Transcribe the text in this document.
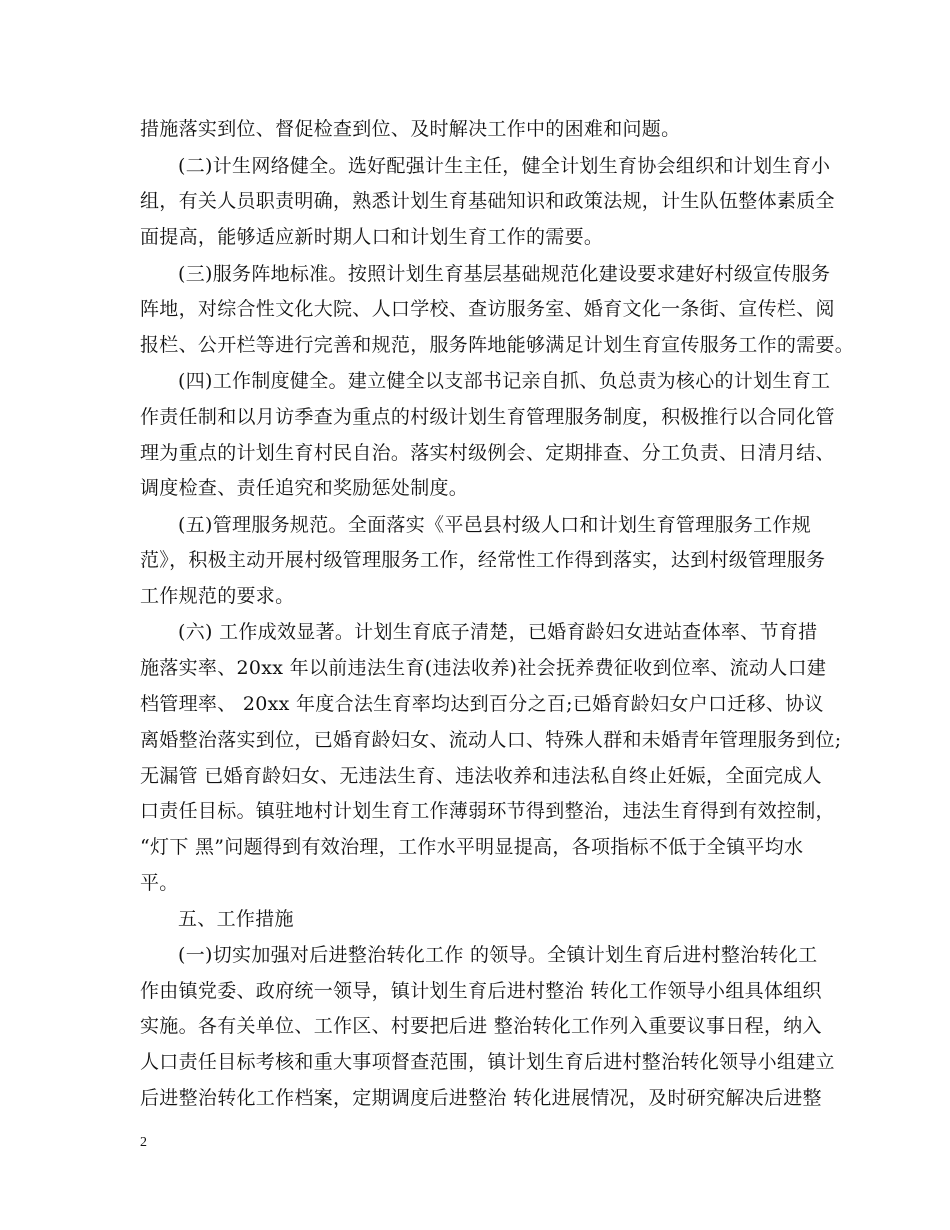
措施落实到位、督促检查到位、及时解决工作中的困难和问题。
(二)计生网络健全。选好配强计生主任，健全计划生育协会组织和计划生育小
组，有关人员职责明确，熟悉计划生育基础知识和政策法规，计生队伍整体素质全
面提高，能够适应新时期人口和计划生育工作的需要。
(三)服务阵地标准。按照计划生育基层基础规范化建设要求建好村级宣传服务
阵地，对综合性文化大院、人口学校、查访服务室、婚育文化一条街、宣传栏、阅
报栏、公开栏等进行完善和规范，服务阵地能够满足计划生育宣传服务工作的需要。
(四)工作制度健全。建立健全以支部书记亲自抓、负总责为核心的计划生育工
作责任制和以月访季查为重点的村级计划生育管理服务制度，积极推行以合同化管
理为重点的计划生育村民自治。落实村级例会、定期排查、分工负责、日清月结、
调度检查、责任追究和奖励惩处制度。
(五)管理服务规范。全面落实《平邑县村级人口和计划生育管理服务工作规
范》，积极主动开展村级管理服务工作，经常性工作得到落实，达到村级管理服务
工作规范的要求。
(六) 工作成效显著。计划生育底子清楚，已婚育龄妇女进站查体率、节育措
施落实率、20xx 年以前违法生育(违法收养)社会抚养费征收到位率、流动人口建
档管理率、 20xx 年度合法生育率均达到百分之百;已婚育龄妇女户口迁移、协议
离婚整治落实到位，已婚育龄妇女、流动人口、特殊人群和未婚青年管理服务到位;
无漏管 已婚育龄妇女、无违法生育、违法收养和违法私自终止妊娠，全面完成人
口责任目标。镇驻地村计划生育工作薄弱环节得到整治，违法生育得到有效控制，
“灯下 黑”问题得到有效治理，工作水平明显提高，各项指标不低于全镇平均水
平。
五、工作措施
(一)切实加强对后进整治转化工作 的领导。全镇计划生育后进村整治转化工
作由镇党委、政府统一领导，镇计划生育后进村整治 转化工作领导小组具体组织
实施。各有关单位、工作区、村要把后进 整治转化工作列入重要议事日程，纳入
人口责任目标考核和重大事项督查范围，镇计划生育后进村整治转化领导小组建立
后进整治转化工作档案，定期调度后进整治 转化进展情况，及时研究解决后进整
2
